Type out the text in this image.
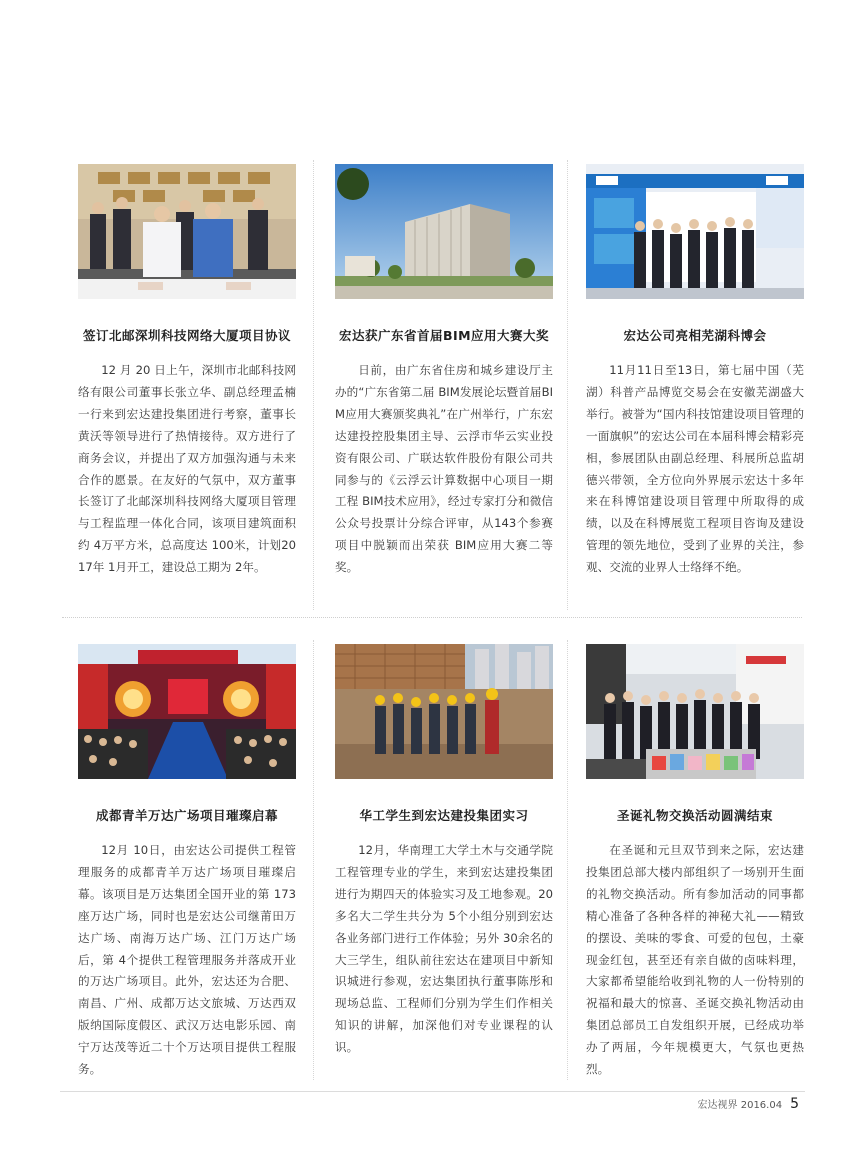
签订北邮深圳科技网络大厦项目协议
12 月 20 日上午，深圳市北邮科技网络有限公司董事长张立华、副总经理孟楠一行来到宏达建投集团进行考察，董事长黄沃等领导进行了热情接待。双方进行了商务会议，并提出了双方加强沟通与未来合作的愿景。在友好的气氛中，双方董事长签订了北邮深圳科技网络大厦项目管理与工程监理一体化合同，该项目建筑面积约 4万平方米，总高度达 100米，计划2017年 1月开工，建设总工期为 2年。
宏达获广东省首届BIM应用大赛大奖
日前，由广东省住房和城乡建设厅主办的“广东省第二届 BIM发展论坛暨首届BIM应用大赛颁奖典礼”在广州举行，广东宏达建投控股集团主导、云浮市华云实业投资有限公司、广联达软件股份有限公司共同参与的《云浮云计算数据中心项目一期工程 BIM技术应用》，经过专家打分和微信公众号投票计分综合评审，从143个参赛项目中脱颖而出荣获 BIM应用大赛二等奖。
宏达公司亮相芜湖科博会
11月11日至13日，第七届中国（芜湖）科普产品博览交易会在安徽芜湖盛大举行。被誉为“国内科技馆建设项目管理的一面旗帜”的宏达公司在本届科博会精彩亮相，参展团队由副总经理、科展所总监胡德兴带领，全方位向外界展示宏达十多年来在科博馆建设项目管理中所取得的成绩，以及在科博展览工程项目咨询及建设管理的领先地位，受到了业界的关注，参观、交流的业界人士络绎不绝。
成都青羊万达广场项目璀璨启幕
12月 10日，由宏达公司提供工程管理服务的成都青羊万达广场项目璀璨启幕。该项目是万达集团全国开业的第 173座万达广场，同时也是宏达公司继莆田万达广场、南海万达广场、江门万达广场后，第 4个提供工程管理服务并落成开业的万达广场项目。此外，宏达还为合肥、南昌、广州、成都万达文旅城、万达西双版纳国际度假区、武汉万达电影乐园、南宁万达茂等近二十个万达项目提供工程服务。
华工学生到宏达建投集团实习
12月，华南理工大学土木与交通学院工程管理专业的学生，来到宏达建投集团进行为期四天的体验实习及工地参观。20多名大二学生共分为 5个小组分别到宏达各业务部门进行工作体验；另外 30余名的大三学生，组队前往宏达在建项目中新知识城进行参观，宏达集团执行董事陈彤和现场总监、工程师们分别为学生们作相关知识的讲解，加深他们对专业课程的认识。
圣诞礼物交换活动圆满结束
在圣诞和元旦双节到来之际，宏达建投集团总部大楼内部组织了一场别开生面的礼物交换活动。所有参加活动的同事都精心准备了各种各样的神秘大礼——精致的摆设、美味的零食、可爱的包包，土豪现金红包，甚至还有亲自做的卤味料理，大家都希望能给收到礼物的人一份特别的祝福和最大的惊喜、圣诞交换礼物活动由集团总部员工自发组织开展，已经成功举办了两届，今年规模更大，气氛也更热烈。
宏达视界 2016.04 5
